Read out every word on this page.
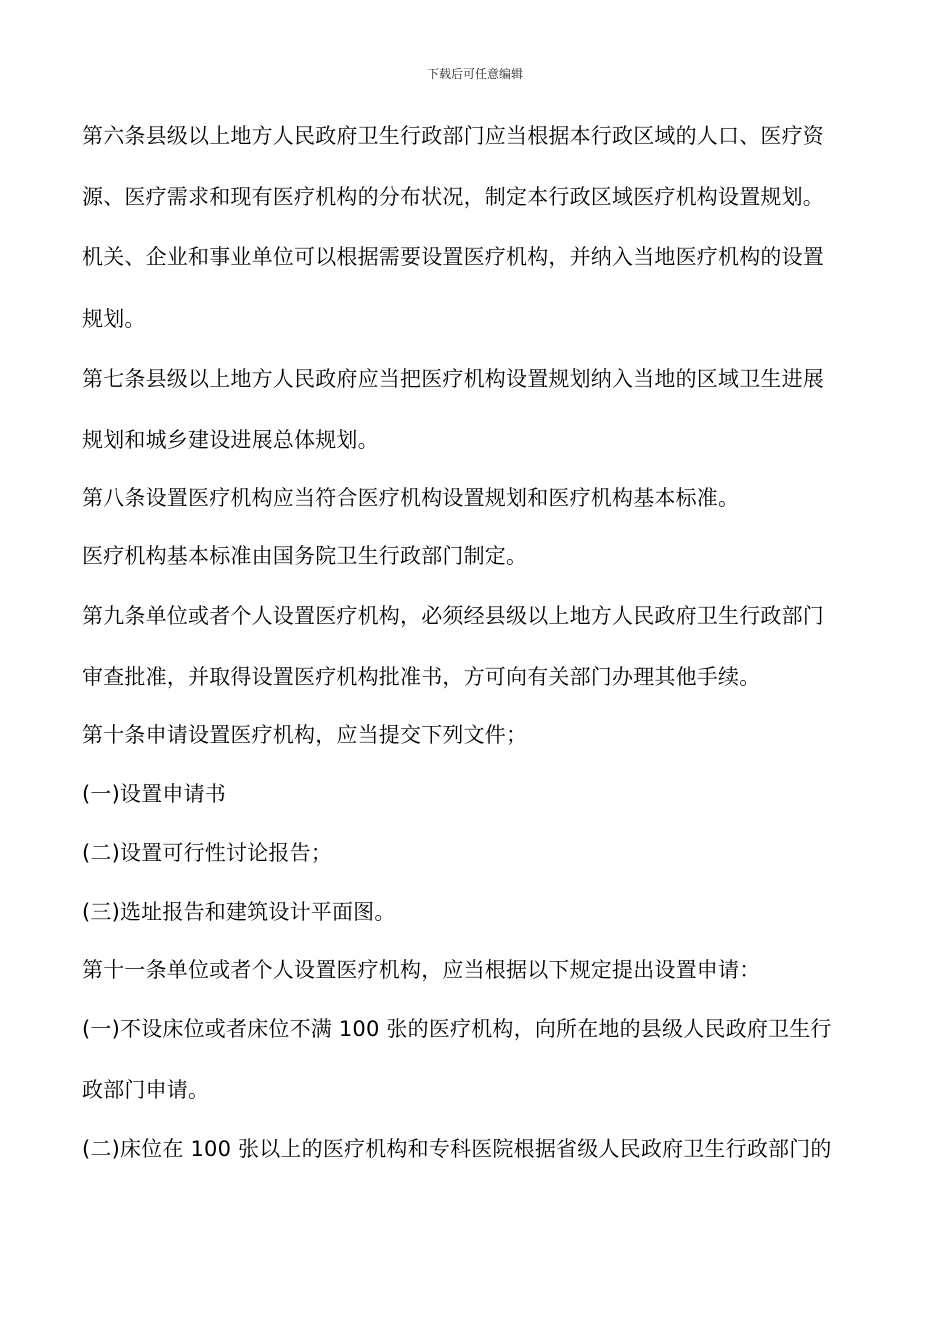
下载后可任意编辑
第六条县级以上地方人民政府卫生行政部门应当根据本行政区域的人口、医疗资
源、医疗需求和现有医疗机构的分布状况，制定本行政区域医疗机构设置规划。
机关、企业和事业单位可以根据需要设置医疗机构，并纳入当地医疗机构的设置
规划。
第七条县级以上地方人民政府应当把医疗机构设置规划纳入当地的区域卫生进展
规划和城乡建设进展总体规划。
第八条设置医疗机构应当符合医疗机构设置规划和医疗机构基本标准。
医疗机构基本标准由国务院卫生行政部门制定。
第九条单位或者个人设置医疗机构，必须经县级以上地方人民政府卫生行政部门
审查批准，并取得设置医疗机构批准书，方可向有关部门办理其他手续。
第十条申请设置医疗机构，应当提交下列文件；
(一)设置申请书
(二)设置可行性讨论报告；
(三)选址报告和建筑设计平面图。
第十一条单位或者个人设置医疗机构，应当根据以下规定提出设置申请：
(一)不设床位或者床位不满 100 张的医疗机构，向所在地的县级人民政府卫生行
政部门申请。
(二)床位在 100 张以上的医疗机构和专科医院根据省级人民政府卫生行政部门的
